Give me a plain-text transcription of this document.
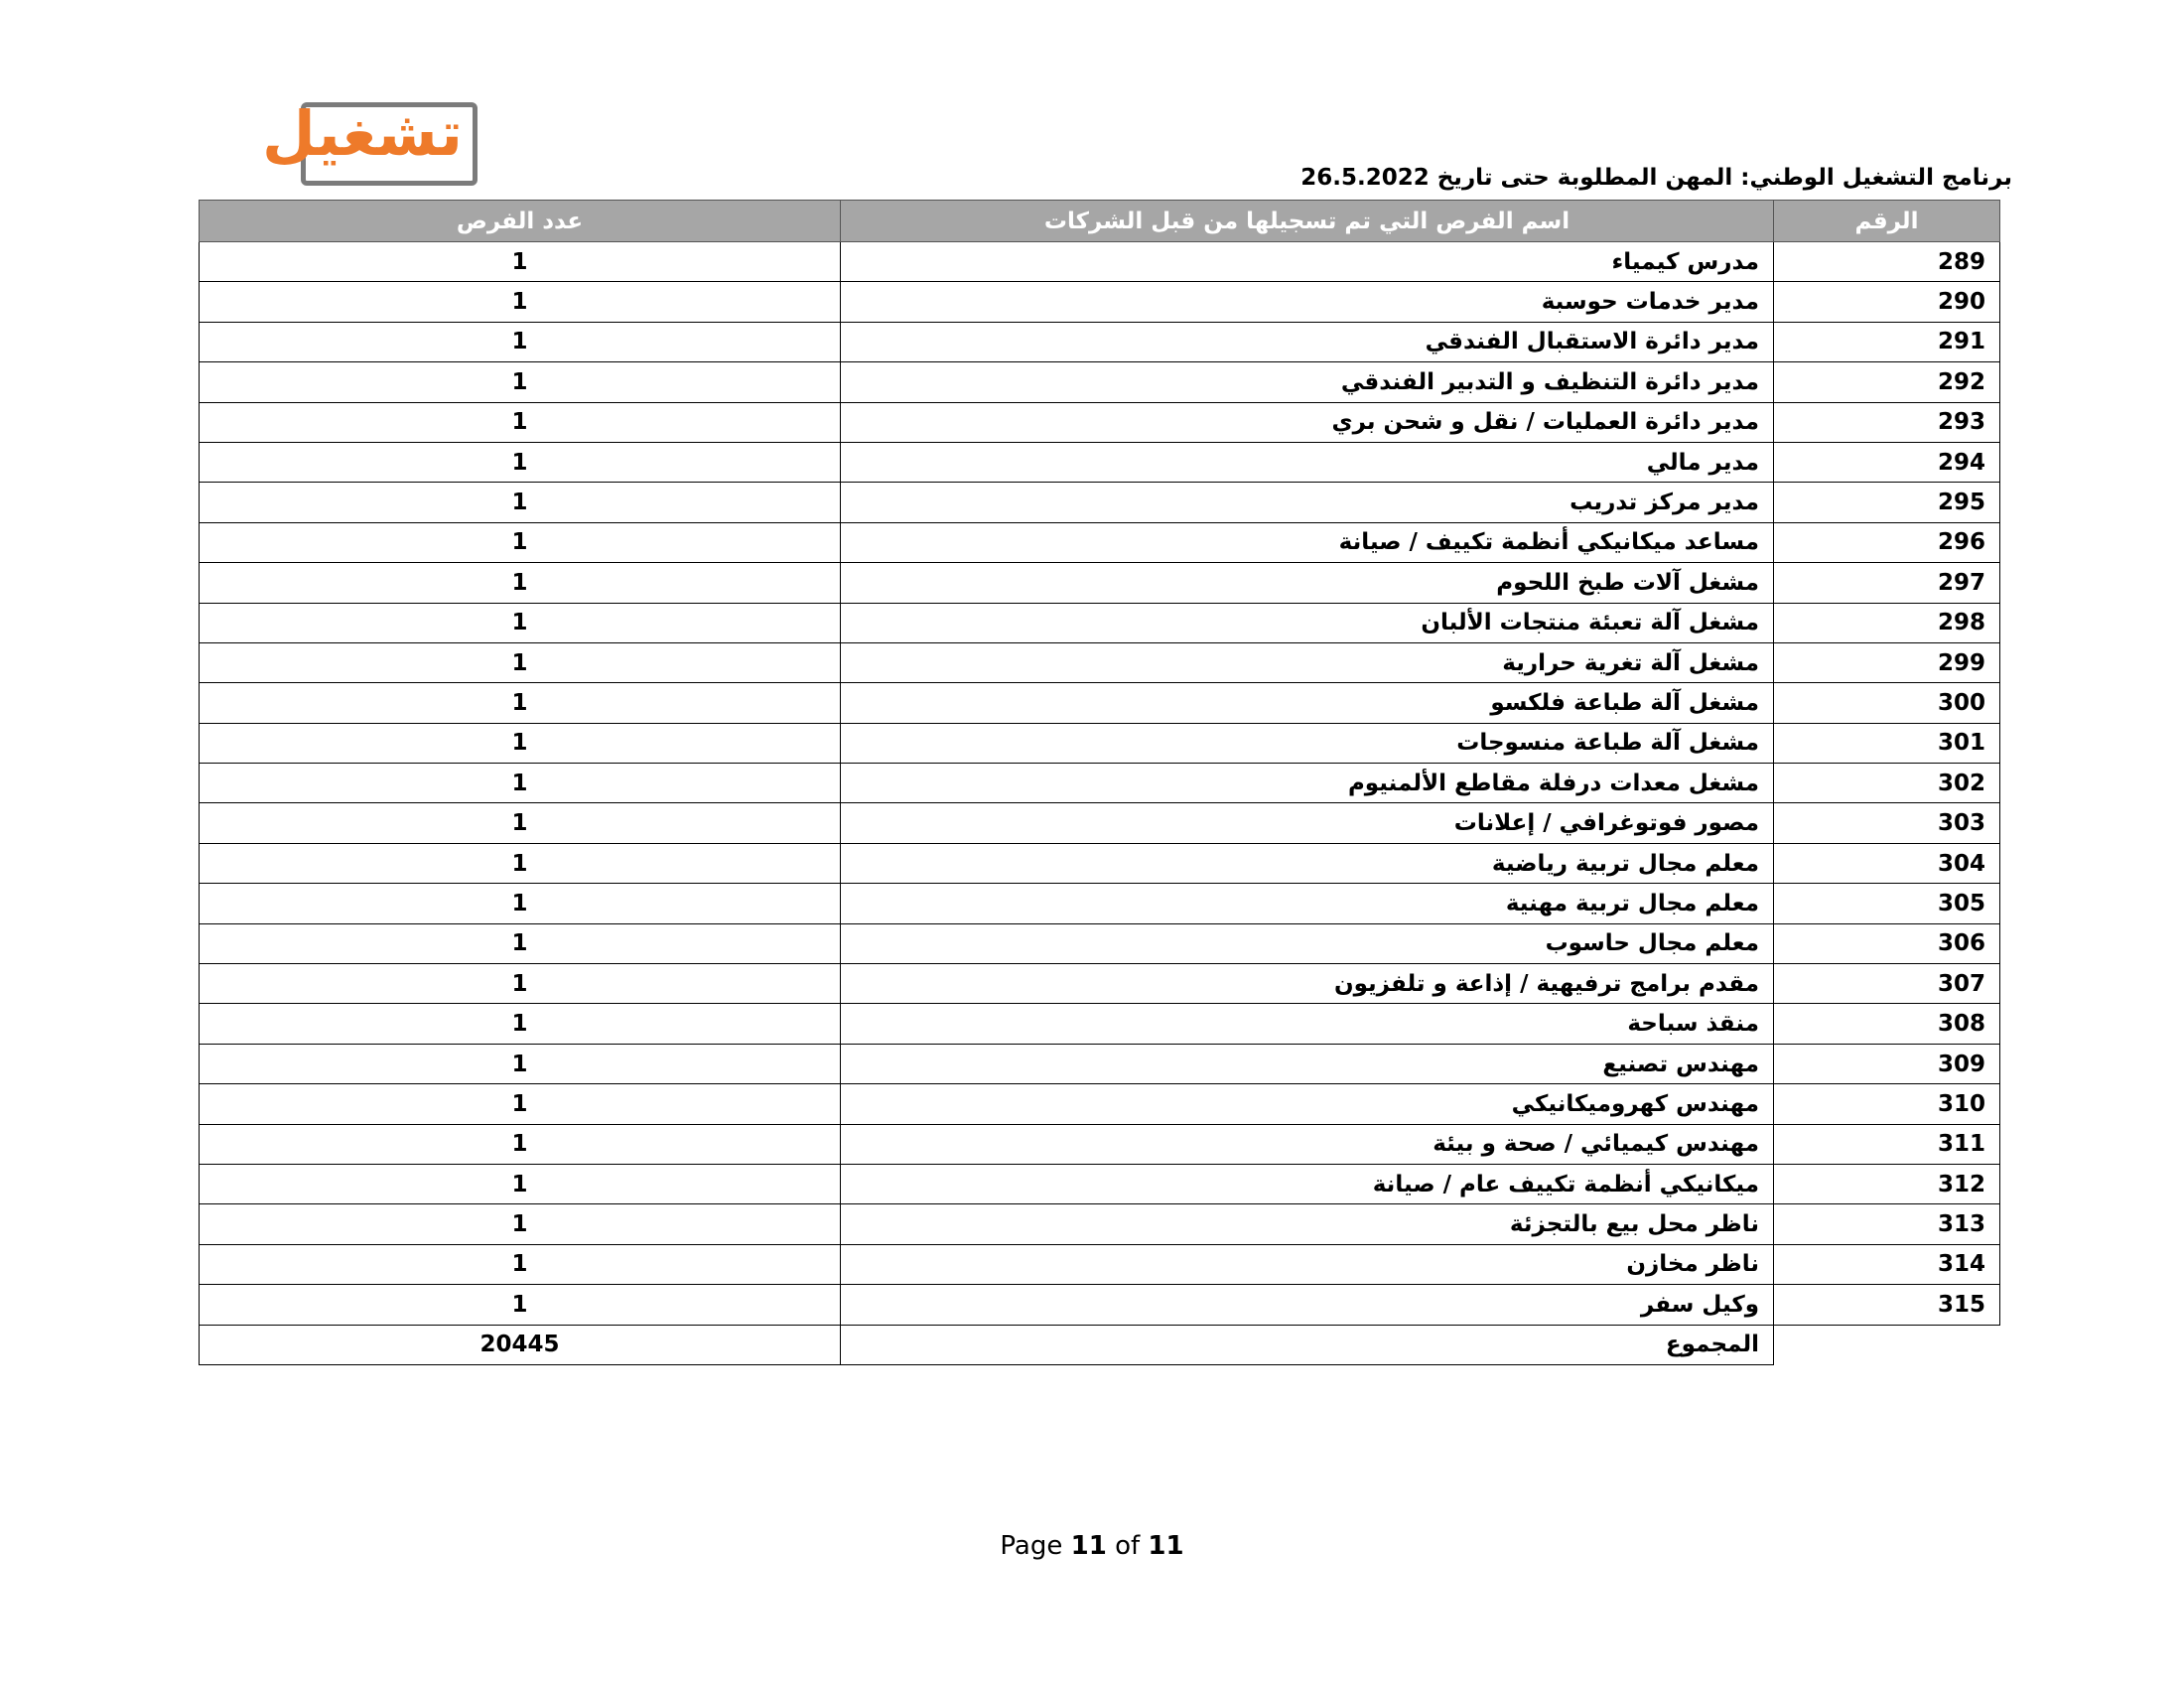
تشغيل
برنامج التشغيل الوطني: المهن المطلوبة حتى تاريخ 26.5.2022
الرقم	اسم الفرص التي تم تسجيلها من قبل الشركات	عدد الفرص
289	مدرس كيمياء	1
290	مدير خدمات حوسبة	1
291	مدير دائرة الاستقبال الفندقي	1
292	مدير دائرة التنظيف و التدبير الفندقي	1
293	مدير دائرة العمليات / نقل و شحن بري	1
294	مدير مالي	1
295	مدير مركز تدريب	1
296	مساعد ميكانيكي أنظمة تكييف / صيانة	1
297	مشغل آلات طبخ اللحوم	1
298	مشغل آلة تعبئة منتجات الألبان	1
299	مشغل آلة تغرية حرارية	1
300	مشغل آلة طباعة فلكسو	1
301	مشغل آلة طباعة منسوجات	1
302	مشغل معدات درفلة مقاطع الألمنيوم	1
303	مصور فوتوغرافي / إعلانات	1
304	معلم مجال تربية رياضية	1
305	معلم مجال تربية مهنية	1
306	معلم مجال حاسوب	1
307	مقدم برامج ترفيهية / إذاعة و تلفزيون	1
308	منقذ سباحة	1
309	مهندس تصنيع	1
310	مهندس كهروميكانيكي	1
311	مهندس كيميائي / صحة و بيئة	1
312	ميكانيكي أنظمة تكييف عام / صيانة	1
313	ناظر محل بيع بالتجزئة	1
314	ناظر مخازن	1
315	وكيل سفر	1
	المجموع	20445
Page 11 of 11
